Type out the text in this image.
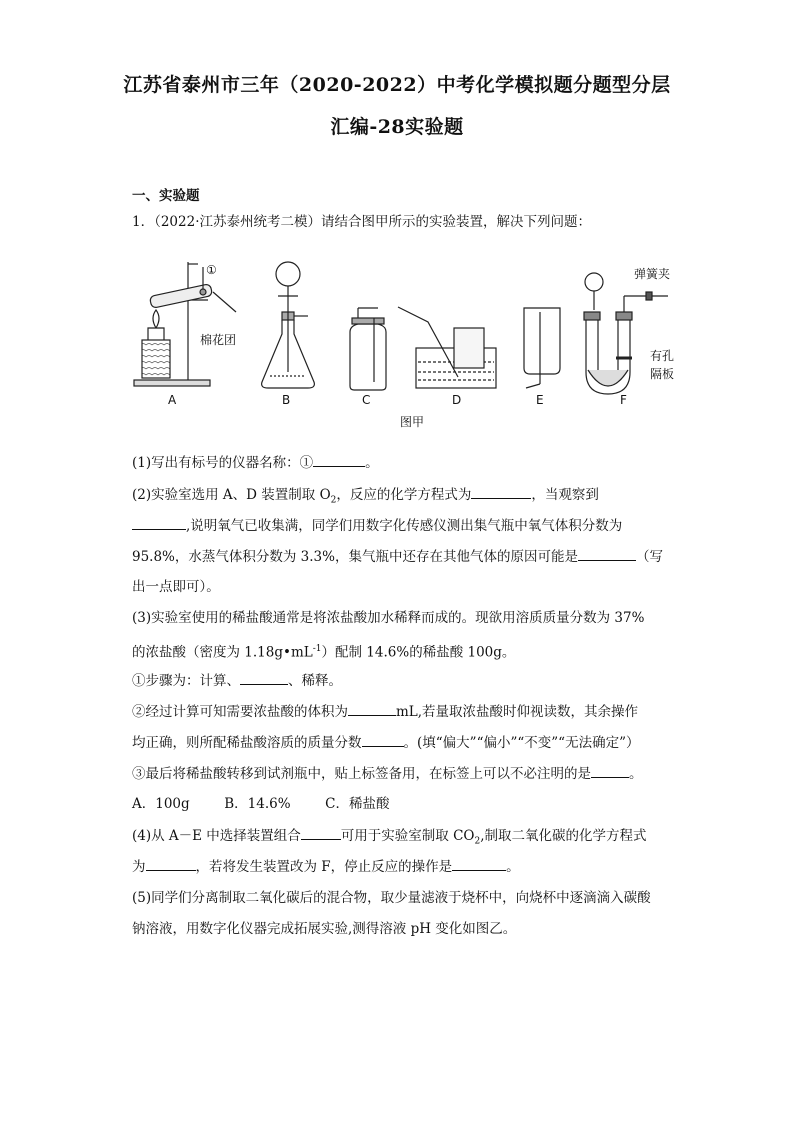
江苏省泰州市三年（2020-2022）中考化学模拟题分题型分层
汇编-28实验题
一、实验题
1．（2022·江苏泰州统考二模）请结合图甲所示的实验装置，解决下列问题：
①
棉花团
弹簧夹
有孔
隔板
A	B	C	D	E	F
图甲
(1)写出有标号的仪器名称：①	。
(2)实验室选用 A、D 装置制取 $O_2$，反应的化学方程式为	，当观察到
,说明氧气已收集满，同学们用数字化传感仪测出集气瓶中氧气体积分数为
95.8%，水蒸气体积分数为 3.3%，集气瓶中还存在其他气体的原因可能是	（写
出一点即可）。
(3)实验室使用的稀盐酸通常是将浓盐酸加水稀释而成的。现欲用溶质质量分数为 37%
的浓盐酸（密度为 $1.18g•mL^{-1}$）配制 14.6%的稀盐酸 100g。
①步骤为：计算、	、稀释。
②经过计算可知需要浓盐酸的体积为	mL,若量取浓盐酸时仰视读数，其余操作
均正确，则所配稀盐酸溶质的质量分数	。(填“偏大”“偏小”“不变”“无法确定”）
③最后将稀盐酸转移到试剂瓶中，贴上标签备用，在标签上可以不必注明的是	。
A．100g	B．14.6%	C．稀盐酸
(4)从 A－E 中选择装置组合	可用于实验室制取 $CO_2$,制取二氧化碳的化学方程式
为	，若将发生装置改为 F，停止反应的操作是	。
(5)同学们分离制取二氧化碳后的混合物，取少量滤液于烧杯中，向烧杯中逐滴滴入碳酸
钠溶液，用数字化仪器完成拓展实验,测得溶液 pH 变化如图乙。
